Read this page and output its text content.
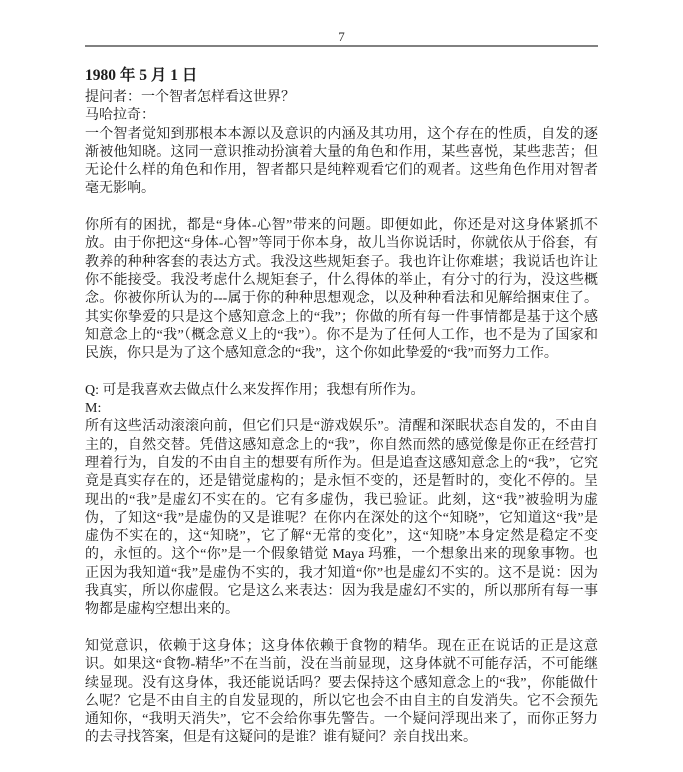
7
1980 年 5 月 1 日

提问者：一个智者怎样看这世界？

马哈拉奇：

一个智者觉知到那根本本源以及意识的内涵及其功用，这个存在的性质，自发的逐渐被他知晓。这同一意识推动扮演着大量的角色和作用，某些喜悦，某些悲苦；但无论什么样的角色和作用，智者都只是纯粹观看它们的观者。这些角色作用对智者毫无影响。

你所有的困扰，都是“身体-心智”带来的问题。即便如此，你还是对这身体紧抓不放。由于你把这“身体-心智”等同于你本身，故儿当你说话时，你就依从于俗套，有教养的种种客套的表达方式。我没这些规矩套子。我也许让你难堪；我说话也许让你不能接受。我没考虑什么规矩套子，什么得体的举止，有分寸的行为，没这些概念。你被你所认为的---属于你的种种思想观念，以及种种看法和见解给捆束住了。其实你挚爱的只是这个感知意念上的“我”；你做的所有每一件事情都是基于这个感知意念上的“我”（概念意义上的“我”）。你不是为了任何人工作，也不是为了国家和民族，你只是为了这个感知意念的“我”，这个你如此挚爱的“我”而努力工作。

Q: 可是我喜欢去做点什么来发挥作用；我想有所作为。

M:

所有这些活动滚滚向前，但它们只是“游戏娱乐”。清醒和深眠状态自发的，不由自主的，自然交替。凭借这感知意念上的“我”，你自然而然的感觉像是你正在经营打理着行为，自发的不由自主的想要有所作为。但是追查这感知意念上的“我”，它究竟是真实存在的，还是错觉虚构的；是永恒不变的，还是暂时的，变化不停的。呈现出的“我”是虚幻不实在的。它有多虚伪，我已验证。此刻，这“我”被验明为虚伪，了知这“我”是虚伪的又是谁呢？在你内在深处的这个“知晓”，它知道这“我”是虚伪不实在的，这“知晓”，它了解“无常的变化”，这“知晓”本身定然是稳定不变的，永恒的。这个“你”是一个假象错觉 Maya 玛雅，一个想象出来的现象事物。也正因为我知道“我”是虚伪不实的，我才知道“你”也是虚幻不实的。这不是说：因为我真实，所以你虚假。它是这么来表达：因为我是虚幻不实的，所以那所有每一事物都是虚构空想出来的。

知觉意识，依赖于这身体；这身体依赖于食物的精华。现在正在说话的正是这意识。如果这“食物-精华”不在当前，没在当前显现，这身体就不可能存活，不可能继续显现。没有这身体，我还能说话吗？要去保持这个感知意念上的“我”，你能做什么呢？它是不由自主的自发显现的，所以它也会不由自主的自发消失。它不会预先通知你，“我明天消失”，它不会给你事先警告。一个疑问浮现出来了，而你正努力的去寻找答案，但是有这疑问的是谁？谁有疑问？亲自找出来。
